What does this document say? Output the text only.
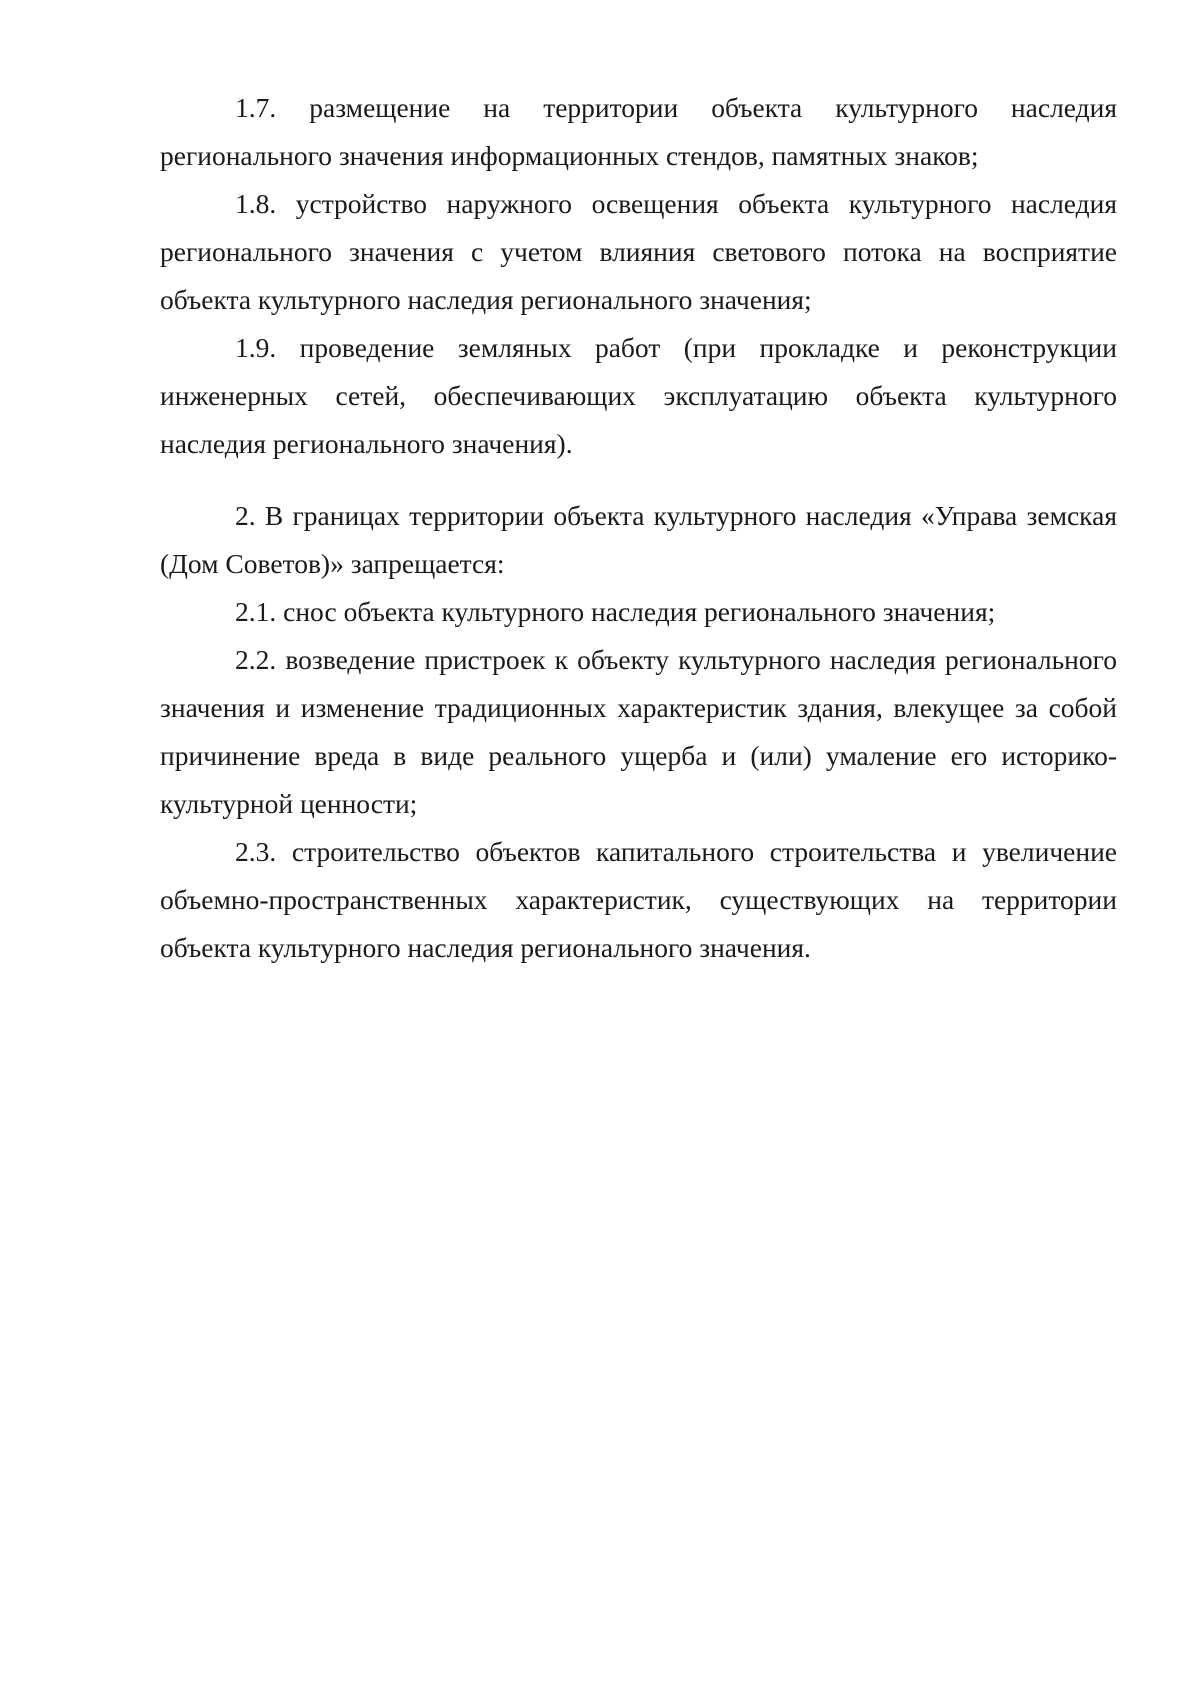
1.7. размещение на территории объекта культурного наследия регионального значения информационных стендов, памятных знаков;

1.8. устройство наружного освещения объекта культурного наследия регионального значения с учетом влияния светового потока на восприятие объекта культурного наследия регионального значения;

1.9. проведение земляных работ (при прокладке и реконструкции инженерных сетей, обеспечивающих эксплуатацию объекта культурного наследия регионального значения).

2. В границах территории объекта культурного наследия «Управа земская (Дом Советов)» запрещается:

2.1. снос объекта культурного наследия регионального значения;

2.2. возведение пристроек к объекту культурного наследия регионального значения и изменение традиционных характеристик здания, влекущее за собой причинение вреда в виде реального ущерба и (или) умаление его историко-культурной ценности;

2.3. строительство объектов капитального строительства и увеличение объемно-пространственных характеристик, существующих на территории объекта культурного наследия регионального значения.
